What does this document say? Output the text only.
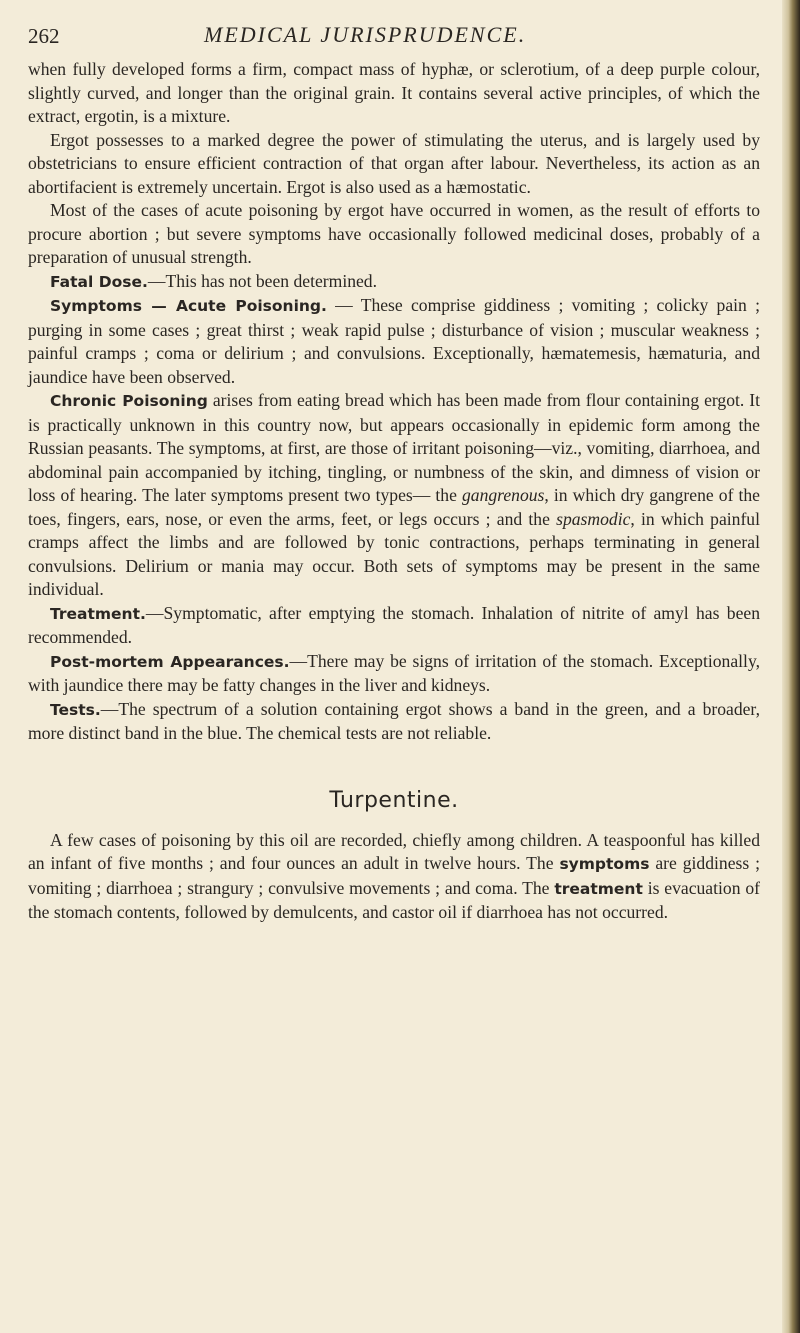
262	MEDICAL JURISPRUDENCE.

when fully developed forms a firm, compact mass of hyphæ, or sclerotium, of a deep purple colour, slightly curved, and longer than the original grain. It contains several active principles, of which the extract, ergotin, is a mixture.

Ergot possesses to a marked degree the power of stimulating the uterus, and is largely used by obstetricians to ensure efficient contraction of that organ after labour. Nevertheless, its action as an abortifacient is extremely uncertain. Ergot is also used as a hæmostatic.

Most of the cases of acute poisoning by ergot have occurred in women, as the result of efforts to procure abortion ; but severe symptoms have occasionally followed medicinal doses, probably of a preparation of unusual strength.

Fatal Dose.—This has not been determined.

Symptoms — Acute Poisoning. — These comprise giddiness ; vomiting ; colicky pain ; purging in some cases ; great thirst ; weak rapid pulse ; disturbance of vision ; muscular weakness ; painful cramps ; coma or delirium ; and convulsions. Exceptionally, hæmatemesis, hæmaturia, and jaundice have been observed.

Chronic Poisoning arises from eating bread which has been made from flour containing ergot. It is practically unknown in this country now, but appears occasionally in epidemic form among the Russian peasants. The symptoms, at first, are those of irritant poisoning—viz., vomiting, diarrhoea, and abdominal pain accompanied by itching, tingling, or numbness of the skin, and dimness of vision or loss of hearing. The later symptoms present two types— the gangrenous, in which dry gangrene of the toes, fingers, ears, nose, or even the arms, feet, or legs occurs ; and the spasmodic, in which painful cramps affect the limbs and are followed by tonic contractions, perhaps terminating in general convulsions. Delirium or mania may occur. Both sets of symptoms may be present in the same individual.

Treatment.—Symptomatic, after emptying the stomach. Inhalation of nitrite of amyl has been recommended.

Post-mortem Appearances.—There may be signs of irritation of the stomach. Exceptionally, with jaundice there may be fatty changes in the liver and kidneys.

Tests.—The spectrum of a solution containing ergot shows a band in the green, and a broader, more distinct band in the blue. The chemical tests are not reliable.

Turpentine.

A few cases of poisoning by this oil are recorded, chiefly among children. A teaspoonful has killed an infant of five months ; and four ounces an adult in twelve hours. The symptoms are giddiness ; vomiting ; diarrhoea ; strangury ; convulsive movements ; and coma. The treatment is evacuation of the stomach contents, followed by demulcents, and castor oil if diarrhoea has not occurred.
